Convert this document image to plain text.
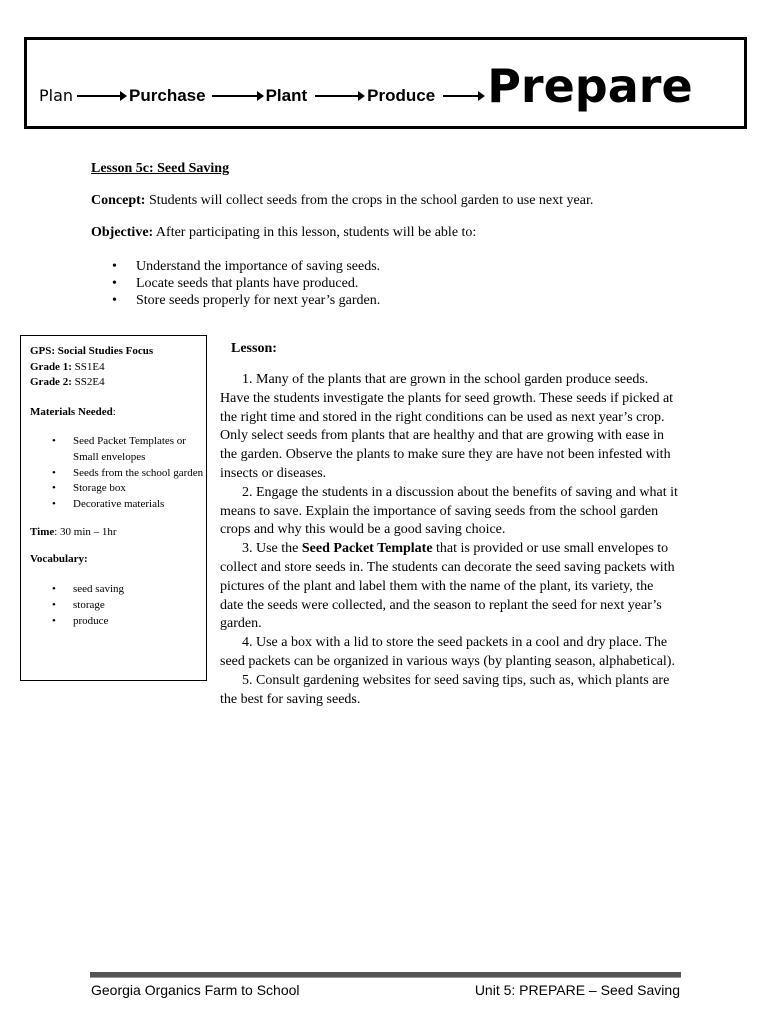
Plan	Purchase	Plant	Produce Prepare
Lesson 5c: Seed Saving
Concept: Students will collect seeds from the crops in the school garden to use next year.
Objective: After participating in this lesson, students will be able to:
• Understand the importance of saving seeds.
• Locate seeds that plants have produced.
• Store seeds properly for next year’s garden.
GPS: Social Studies Focus
Grade 1: SS1E4
Grade 2: SS2E4
Materials Needed:
• Seed Packet Templates or Small envelopes
• Seeds from the school garden
• Storage box
• Decorative materials
Time: 30 min – 1hr
Vocabulary:
• seed saving
• storage
• produce
Lesson:

1. Many of the plants that are grown in the school garden produce seeds. Have the students investigate the plants for seed growth. These seeds if picked at the right time and stored in the right conditions can be used as next year’s crop. Only select seeds from plants that are healthy and that are growing with ease in the garden. Observe the plants to make sure they are have not been infested with insects or diseases.

2. Engage the students in a discussion about the benefits of saving and what it means to save. Explain the importance of saving seeds from the school garden crops and why this would be a good saving choice.

3. Use the Seed Packet Template that is provided or use small envelopes to collect and store seeds in. The students can decorate the seed saving packets with pictures of the plant and label them with the name of the plant, its variety, the date the seeds were collected, and the season to replant the seed for next year’s garden.

4. Use a box with a lid to store the seed packets in a cool and dry place. The seed packets can be organized in various ways (by planting season, alphabetical).

5. Consult gardening websites for seed saving tips, such as, which plants are the best for saving seeds.

Georgia Organics Farm to School	Unit 5: PREPARE – Seed Saving
